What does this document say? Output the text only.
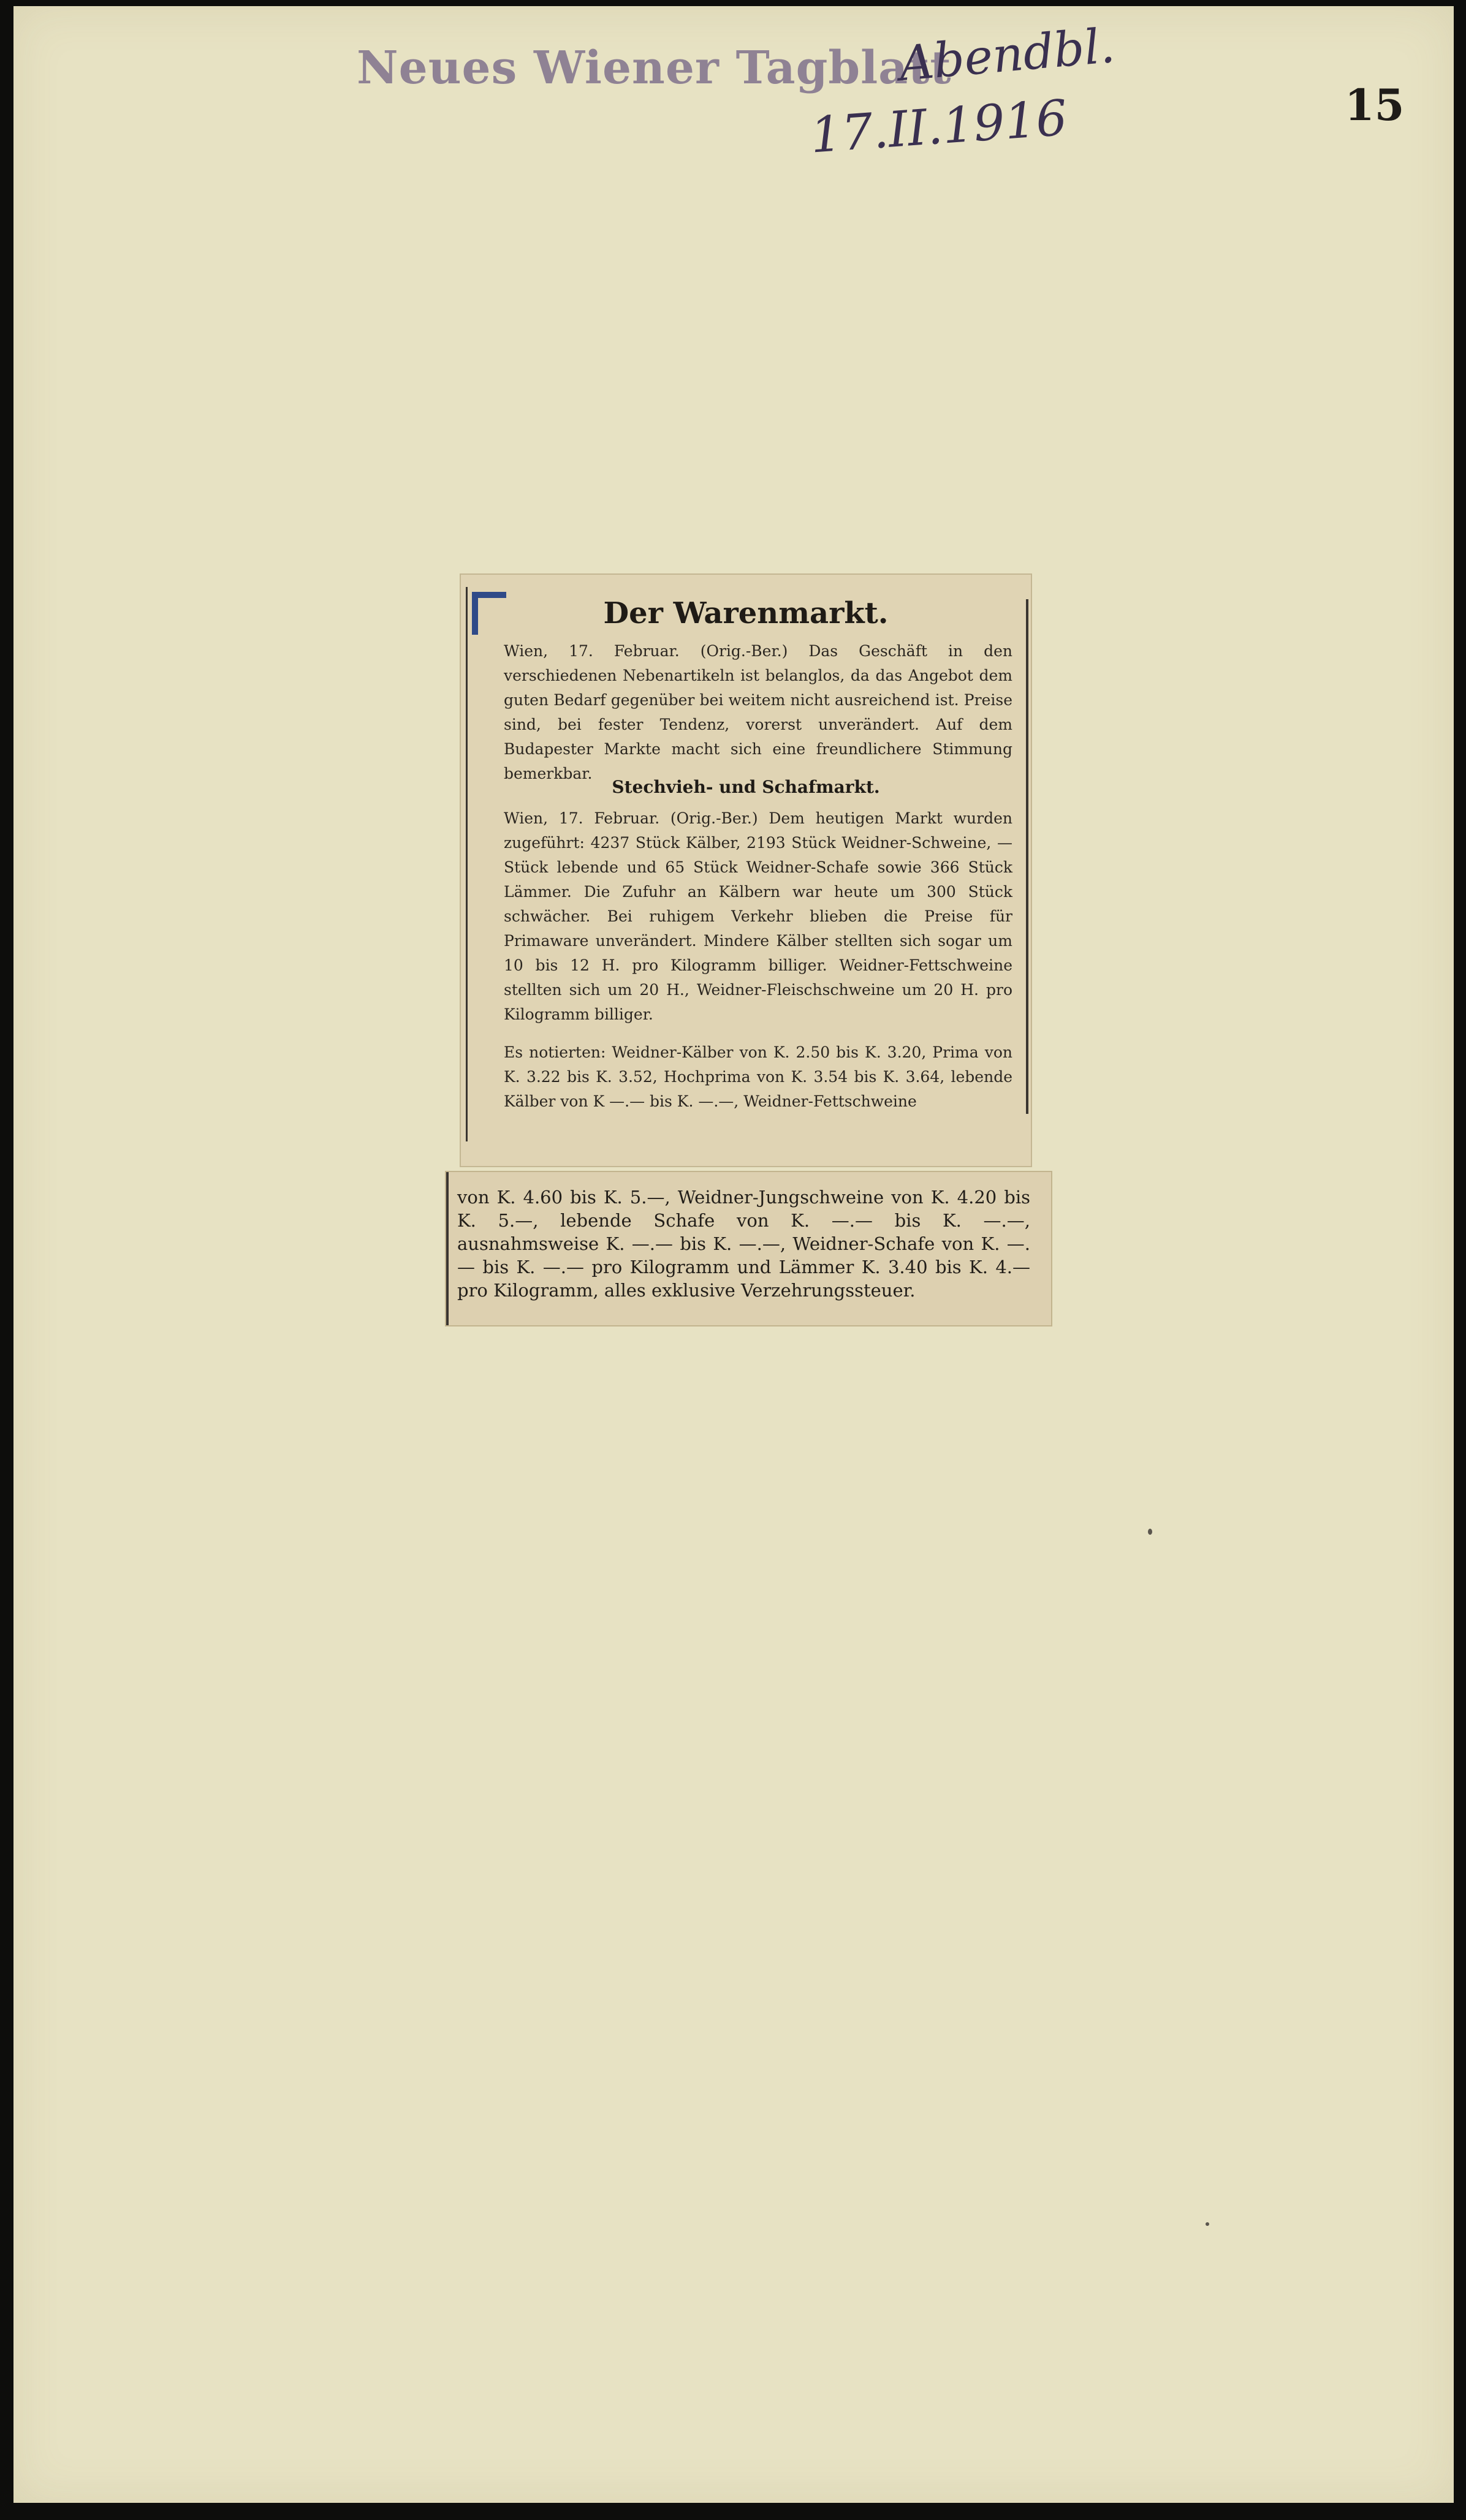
Neues Wiener Tagblatt
Abendbl.
17.II.1916	15
Der Warenmarkt.
Wien, 17. Februar. (Orig.-Ber.) Das Geschäft in den verschiedenen Nebenartikeln ist belanglos, da das Angebot dem guten Bedarf gegenüber bei weitem nicht ausreichend ist. Preise sind, bei fester Tendenz, vorerst unverändert. Auf dem Budapester Markte macht sich eine freundlichere Stimmung bemerkbar.
Stechvieh- und Schafmarkt.
Wien, 17. Februar. (Orig.-Ber.) Dem heutigen Markt wurden zugeführt: 4237 Stück Kälber, 2193 Stück Weidner-Schweine, — Stück lebende und 65 Stück Weidner-Schafe sowie 366 Stück Lämmer. Die Zufuhr an Kälbern war heute um 300 Stück schwächer. Bei ruhigem Verkehr blieben die Preise für Primaware unverändert. Mindere Kälber stellten sich sogar um 10 bis 12 H. pro Kilogramm billiger. Weidner-Fettschweine stellten sich um 20 H., Weidner-Fleischschweine um 20 H. pro Kilogramm billiger.
Es notierten: Weidner-Kälber von K. 2.50 bis K. 3.20, Prima von K. 3.22 bis K. 3.52, Hochprima von K. 3.54 bis K. 3.64, lebende Kälber von K —.— bis K. —.—, Weidner-Fettschweine
von K. 4.60 bis K. 5.—, Weidner-Jungschweine von K. 4.20 bis K. 5.—, lebende Schafe von K. —.— bis K. —.—, ausnahmsweise K. —.— bis K. —.—, Weidner-Schafe von K. —.— bis K. —.— pro Kilogramm und Lämmer K. 3.40 bis K. 4.— pro Kilogramm, alles exklusive Verzehrungssteuer.
